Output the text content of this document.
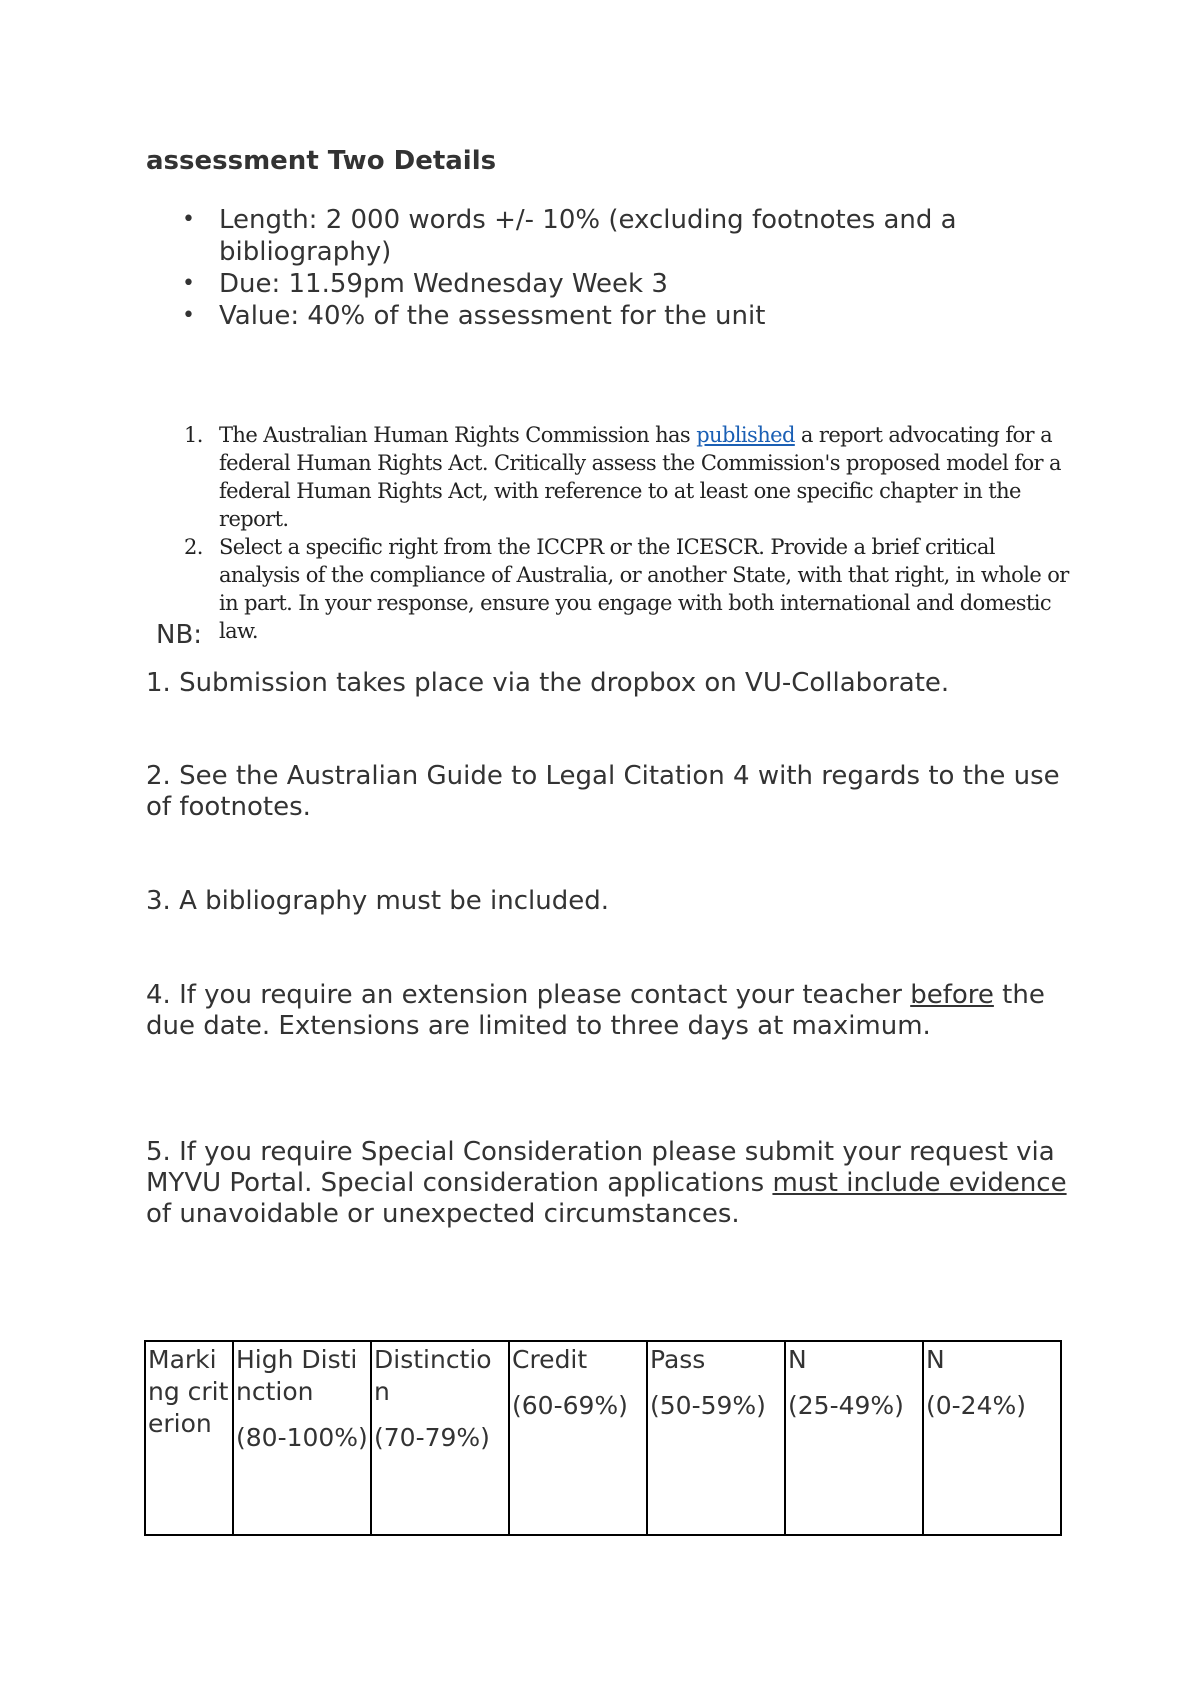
assessment Two Details
• Length: 2 000 words +/- 10% (excluding footnotes and a bibliography)
• Due: 11.59pm Wednesday Week 3
• Value: 40% of the assessment for the unit
1. The Australian Human Rights Commission has published a report advocating for a federal Human Rights Act. Critically assess the Commission's proposed model for a federal Human Rights Act, with reference to at least one specific chapter in the report.
2. Select a specific right from the ICCPR or the ICESCR. Provide a brief critical analysis of the compliance of Australia, or another State, with that right, in whole or in part. In your response, ensure you engage with both international and domestic law.
NB:

1. Submission takes place via the dropbox on VU-Collaborate.

2. See the Australian Guide to Legal Citation 4 with regards to the use of footnotes.

3. A bibliography must be included.

4. If you require an extension please contact your teacher before the due date. Extensions are limited to three days at maximum.

5. If you require Special Consideration please submit your request via MYVU Portal. Special consideration applications must include evidence of unavoidable or unexpected circumstances.

Marking criterion	High Distinction
(80-100%)
	Distinction
(70-79%)
	Credit
(60-69%)
	Pass
(50-59%)
	N
(25-49%)
	N
(0-24%)
